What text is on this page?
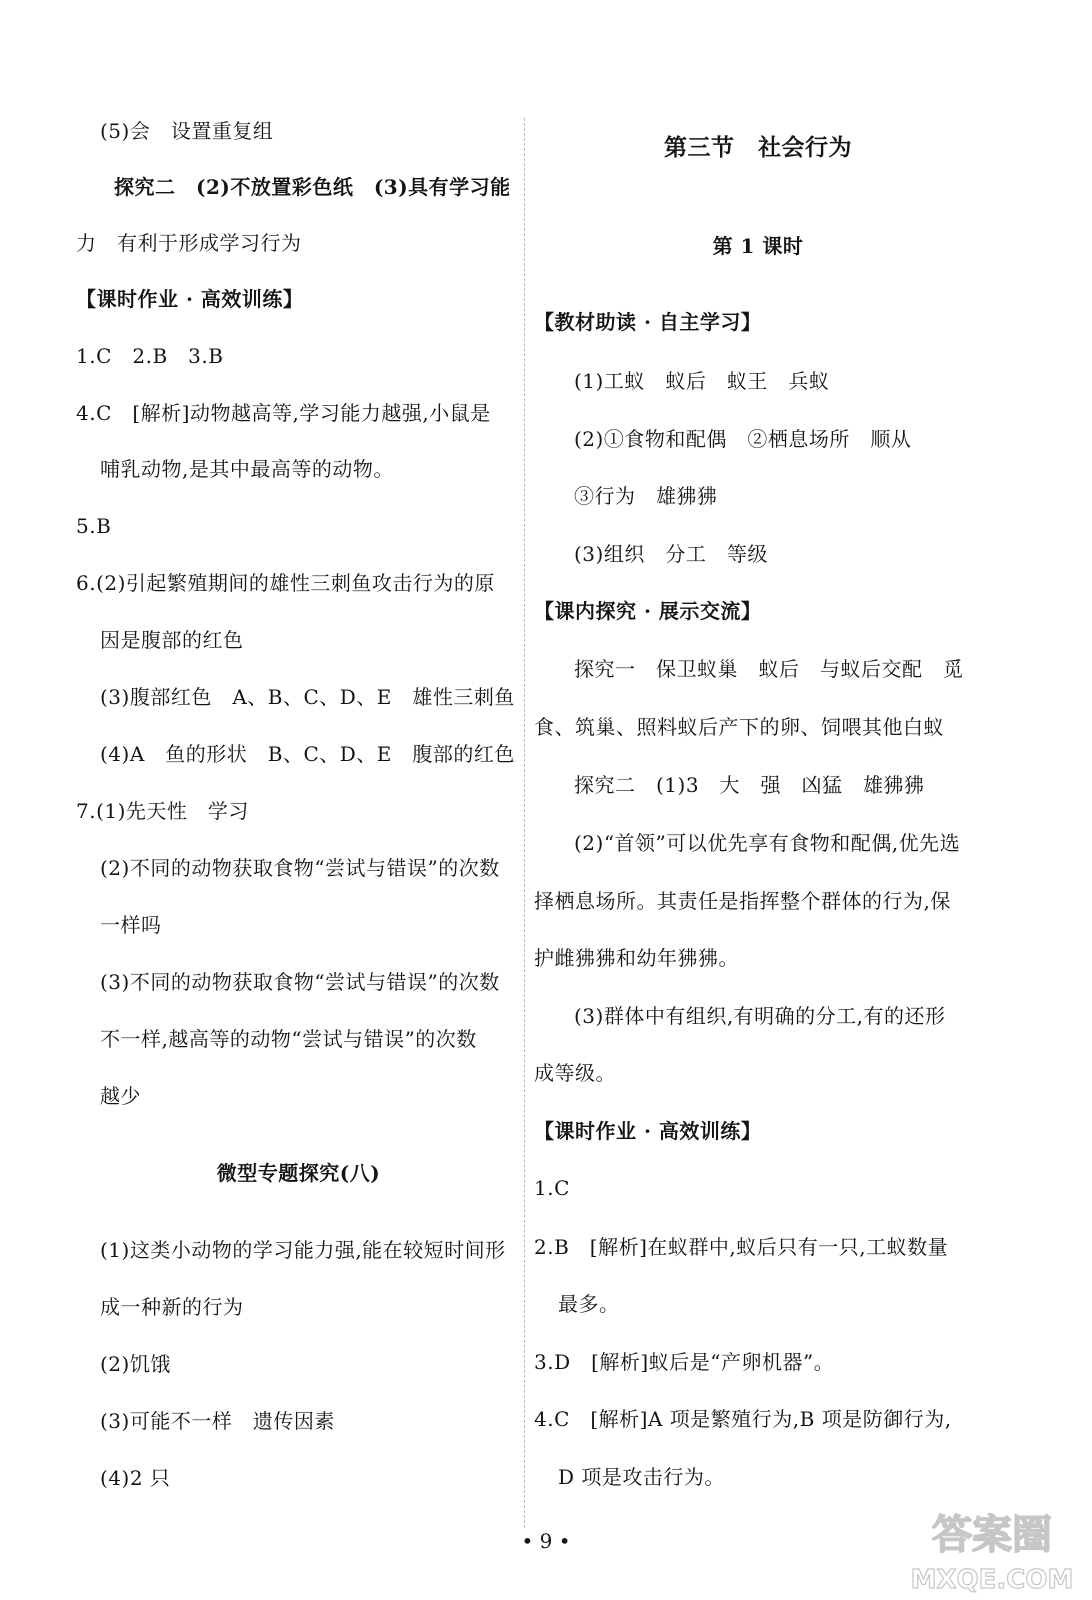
(5)会　设置重复组
探究二　(2)不放置彩色纸　(3)具有学习能
力　有利于形成学习行为
【课时作业 · 高效训练】
1.C　2.B　3.B
4.C　[解析]动物越高等,学习能力越强,小鼠是
哺乳动物,是其中最高等的动物。
5.B
6.(2)引起繁殖期间的雄性三刺鱼攻击行为的原
因是腹部的红色
(3)腹部红色　A、B、C、D、E　雄性三刺鱼
(4)A　鱼的形状　B、C、D、E　腹部的红色
7.(1)先天性　学习
(2)不同的动物获取食物“尝试与错误”的次数
一样吗
(3)不同的动物获取食物“尝试与错误”的次数
不一样,越高等的动物“尝试与错误”的次数
越少
微型专题探究(八)
(1)这类小动物的学习能力强,能在较短时间形
成一种新的行为
(2)饥饿
(3)可能不一样　遗传因素
(4)2 只
第三节　社会行为
第 1 课时
【教材助读 · 自主学习】
(1)工蚁　蚁后　蚁王　兵蚁
(2)①食物和配偶　②栖息场所　顺从
③行为　雄狒狒
(3)组织　分工　等级
【课内探究 · 展示交流】
探究一　保卫蚁巢　蚁后　与蚁后交配　觅
食、筑巢、照料蚁后产下的卵、饲喂其他白蚁
探究二　(1)3　大　强　凶猛　雄狒狒
(2)“首领”可以优先享有食物和配偶,优先选
择栖息场所。其责任是指挥整个群体的行为,保
护雌狒狒和幼年狒狒。
(3)群体中有组织,有明确的分工,有的还形
成等级。
【课时作业 · 高效训练】
1.C
2.B　[解析]在蚁群中,蚁后只有一只,工蚁数量
最多。
3.D　[解析]蚁后是“产卵机器”。
4.C　[解析]A 项是繁殖行为,B 项是防御行为,
D 项是攻击行为。
• 9 •	答案圈
MXQE.COM
